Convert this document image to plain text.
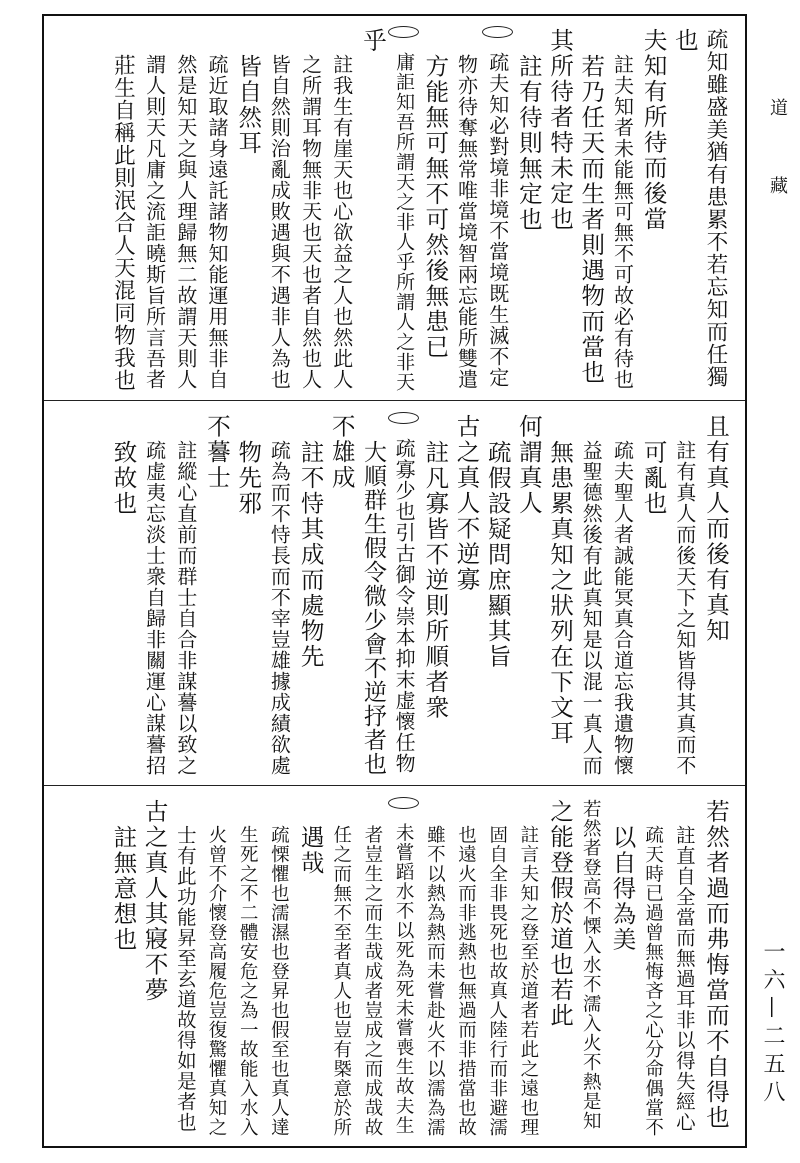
疏知雖盛美猶有患累不若忘知而任獨
也
夫知有所待而後當
註夫知者未能無可無不可故必有待也
若乃任天而生者則遇物而當也
其所待者特未定也
註有待則無定也
疏夫知必對境非境不當境既生滅不定
物亦待奪無常唯當境智兩忘能所雙遣
方能無可無不可然後無患已
庸詎知吾所謂天之非人乎所謂人之非天
乎
註我生有崖天也心欲益之人也然此人
之所謂耳物無非天也天也者自然也人
皆自然則治亂成敗遇與不遇非人為也
皆自然耳
疏近取諸身遠託諸物知能運用無非自
然是知天之與人理歸無二故謂天則人
謂人則天凡庸之流詎曉斯旨所言吾者
莊生自稱此則泯合人天混同物我也
且有真人而後有真知
註有真人而後天下之知皆得其真而不
可亂也
疏夫聖人者誠能冥真合道忘我遺物懷
益聖德然後有此真知是以混一真人而
無患累真知之狀列在下文耳
何謂真人
疏假設疑問庶顯其旨
古之真人不逆寡
註凡寡皆不逆則所順者衆
疏寡少也引古御令崇本抑末虚懷任物
大順群生假令微少會不逆抒者也
不雄成
註不恃其成而處物先
疏為而不恃長而不宰豈雄據成績欲處
物先邪
不謩士
註縱心直前而群士自合非謀謩以致之
疏虚夷忘淡士衆自歸非關運心謀謩招
致故也
若然者過而弗悔當而不自得也
註直自全當而無過耳非以得失經心
疏天時已過曾無悔吝之心分命偶當不
以自得為美
若然者登高不慄入水不濡入火不熱是知
之能登假於道也若此
註言夫知之登至於道者若此之遠也理
固自全非畏死也故真人陸行而非避濡
也遠火而非逃熱也無過而非措當也故
雖不以熱為熱而未嘗赴火不以濡為濡
未嘗蹈水不以死為死未嘗喪生故夫生
者豈生之而生哉成者豈成之而成哉故
任之而無不至者真人也豈有槩意於所
遇哉
疏慄懼也濡濕也登昇也假至也真人達
生死之不二體安危之為一故能入水入
火曾不介懷登高履危豈復驚懼真知之
士有此功能昇至玄道故得如是者也
古之真人其寢不夢
註無意想也
道
藏
一六—二五八
